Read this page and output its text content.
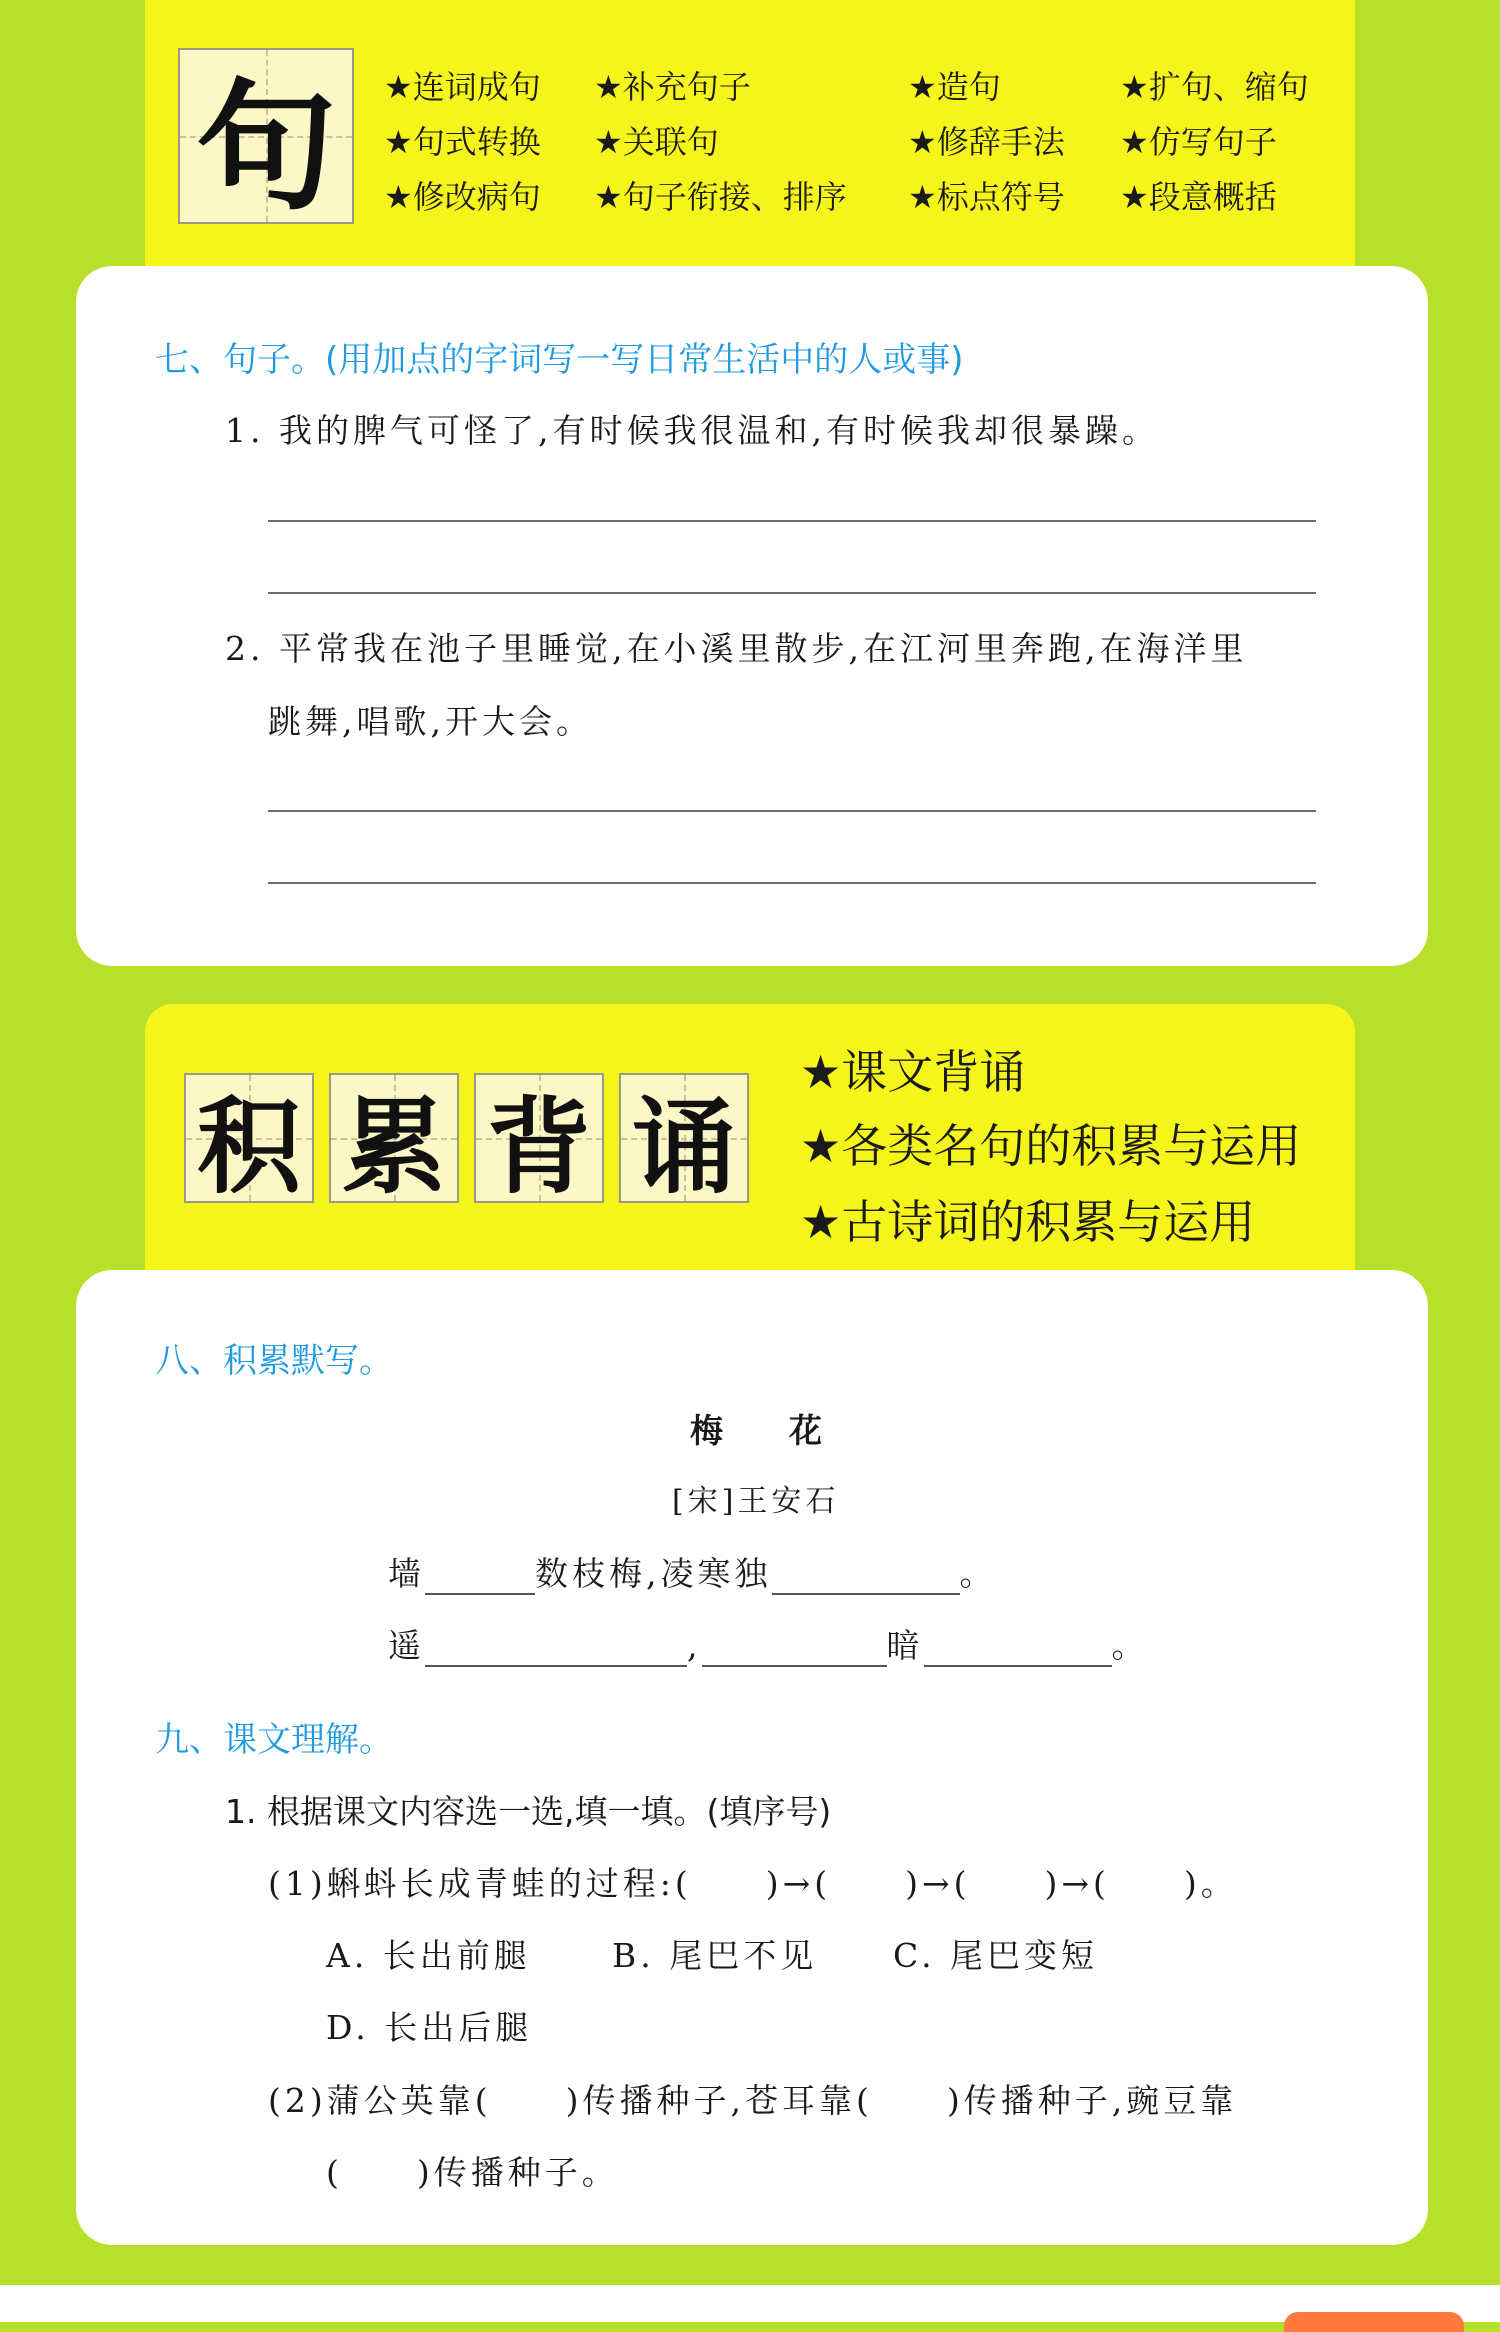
句 ★连词成句 ★补充句子	★造句	★扩句、缩句
★句式转换 ★关联句	★修辞手法 ★仿写句子
★修改病句 ★句子衔接、排序 ★标点符号 ★段意概括
七、句子。(用加点的字词写一写日常生活中的人或事)
1. 我的脾气可怪了,有时候我很温和,有时候我却很暴躁。
2. 平常我在池子里睡觉,在小溪里散步,在江河里奔跑,在海洋里
跳舞,唱歌,开大会。
积 累 背 诵
★课文背诵
★各类名句的积累与运用
★古诗词的积累与运用
八、积累默写。
梅　　花
[宋]王安石
墙	数枝梅,凌寒独	。
遥	,	暗	。
九、课文理解。
1. 根据课文内容选一选,填一填。(填序号)
(1)蝌蚪长成青蛙的过程:(　　)→(　　)→(　　)→(　　)。
A. 长出前腿 B. 尾巴不见 C. 尾巴变短
D. 长出后腿
(2)蒲公英靠(　　)传播种子,苍耳靠(　　)传播种子,豌豆靠
(　　)传播种子。
